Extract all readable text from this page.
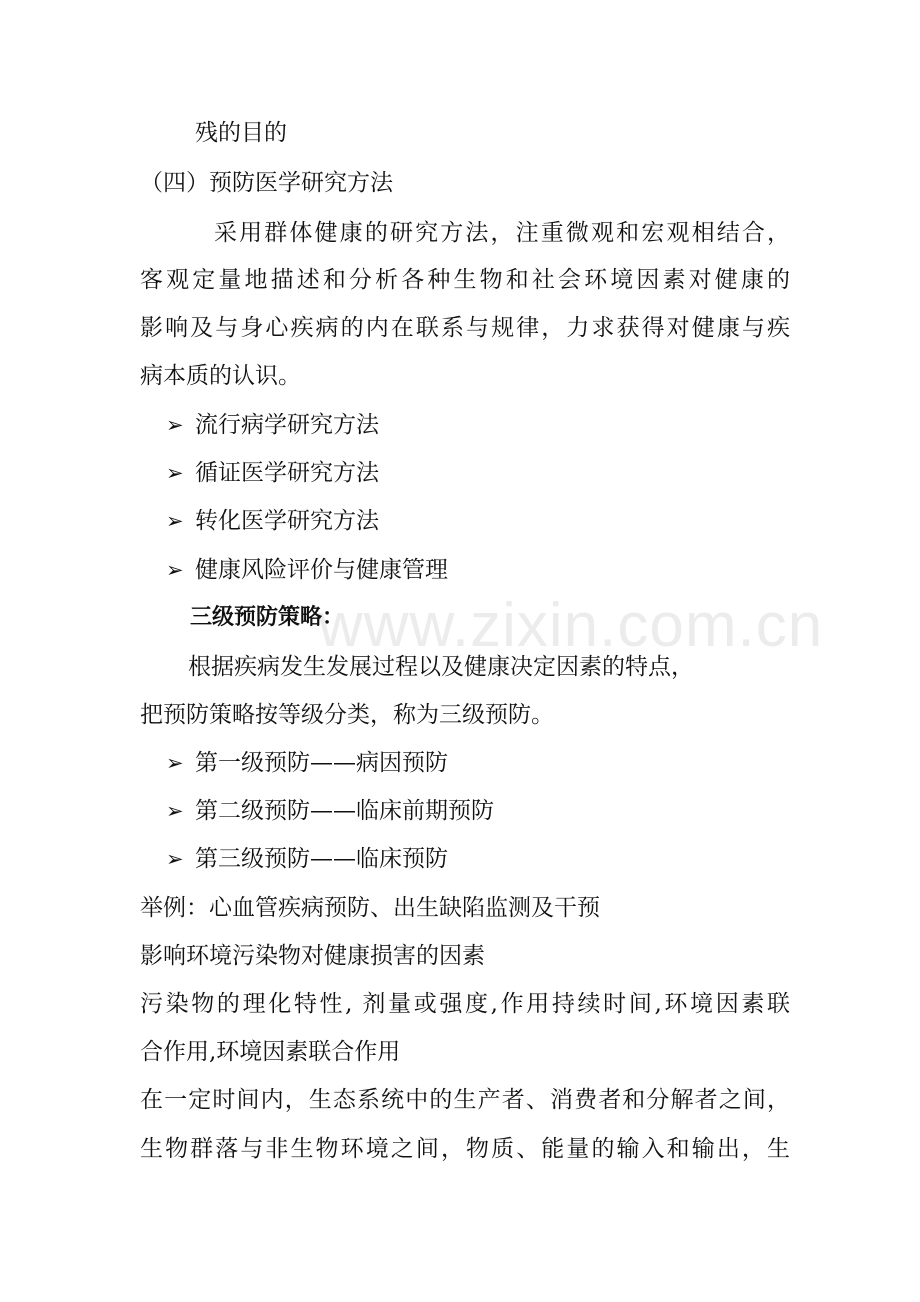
www.zixin.com.cn
残的目的
（四）预防医学研究方法
采用群体健康的研究方法，注重微观和宏观相结合，
客观定量地描述和分析各种生物和社会环境因素对健康的
影响及与身心疾病的内在联系与规律，力求获得对健康与疾
病本质的认识。
➢ 流行病学研究方法
➢ 循证医学研究方法
➢ 转化医学研究方法
➢ 健康风险评价与健康管理
三级预防策略：
根据疾病发生发展过程以及健康决定因素的特点，
把预防策略按等级分类，称为三级预防。
➢ 第一级预防——病因预防
➢ 第二级预防——临床前期预防
➢ 第三级预防——临床预防
举例：心血管疾病预防、出生缺陷监测及干预
影响环境污染物对健康损害的因素
污染物的理化特性, 剂量或强度,作用持续时间,环境因素联
合作用,环境因素联合作用
在一定时间内，生态系统中的生产者、消费者和分解者之间，
生物群落与非生物环境之间，物质、能量的输入和输出，生
